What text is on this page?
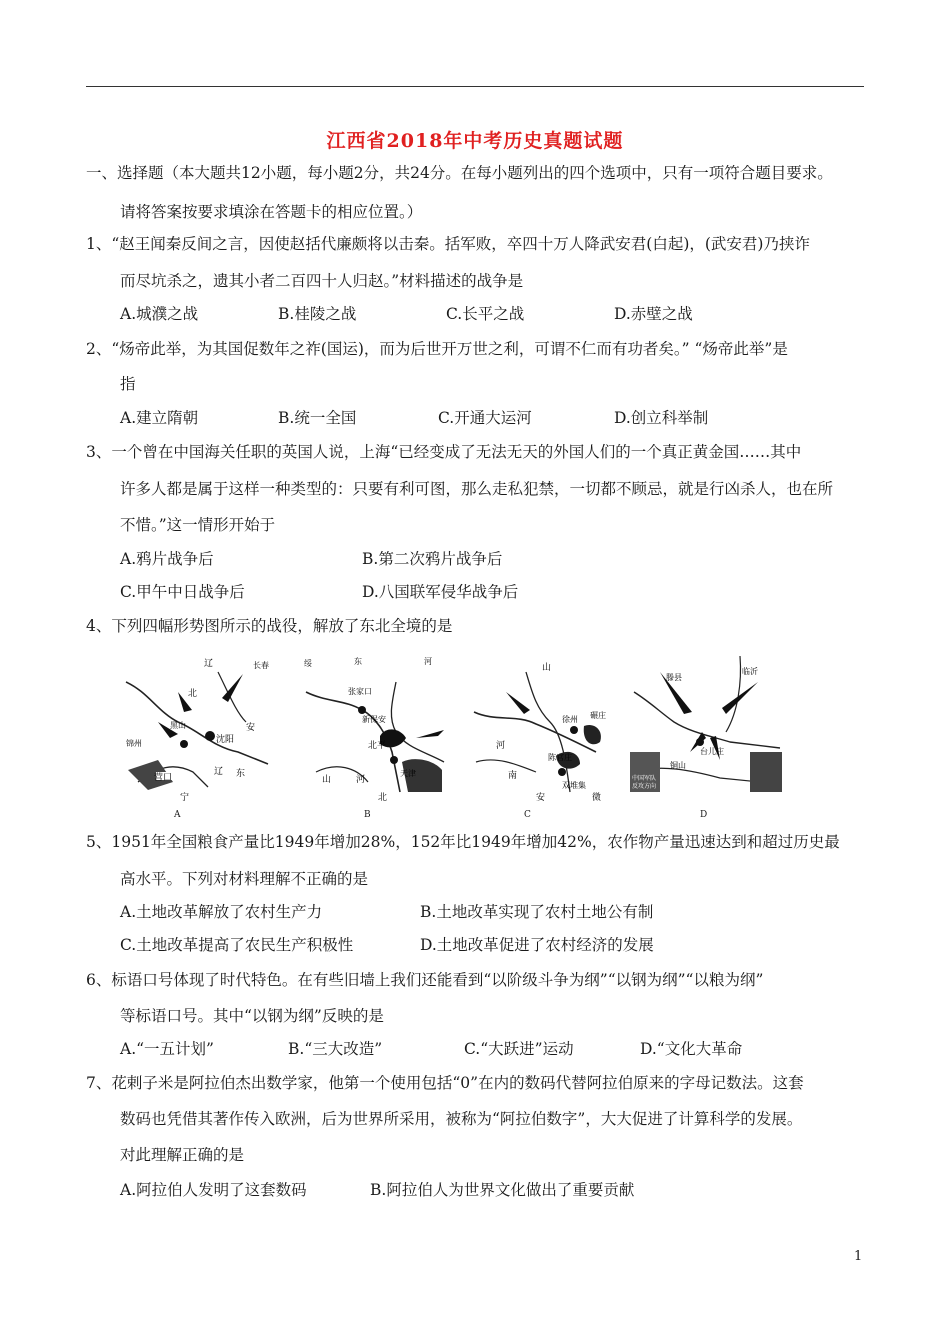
江西省2018年中考历史真题试题
一、选择题（本大题共12小题，每小题2分，共24分。在每小题列出的四个选项中，只有一项符合题目要求。
请将答案按要求填涂在答题卡的相应位置。）
1、“赵王闻秦反间之言，因使赵括代廉颇将以击秦。括军败，卒四十万人降武安君(白起)，(武安君)乃挟诈
而尽坑杀之，遗其小者二百四十人归赵。”材料描述的战争是
A.城濮之战	B.桂陵之战	C.长平之战	D.赤壁之战
2、“炀帝此举，为其国促数年之祚(国运)，而为后世开万世之利，可谓不仁而有功者矣。” “炀帝此举”是
指
A.建立隋朝	B.统一全国	C.开通大运河	D.创立科举制
3、一个曾在中国海关任职的英国人说，上海“已经变成了无法无天的外国人们的一个真正黄金国……其中
许多人都是属于这样一种类型的：只要有利可图，那么走私犯禁，一切都不顾忌，就是行凶杀人，也在所
不惜。”这一情形开始于
A.鸦片战争后	B.第二次鸦片战争后
C.甲午中日战争后	D.八国联军侵华战争后
4、下列四幅形势图所示的战役，解放了东北全境的是
辽
北
长春
黑山
锦州	沈阳
营口
安
辽 东
宁
A
绥	东	河
张家口
新保安
北平
山	河
天津
北
B
山
河
徐州 碾庄
南
陈官庄
双堆集
安	微
C
滕县
临沂
台儿庄
铜山
中国军队
反攻方向
D
5、1951年全国粮食产量比1949年增加28%，152年比1949年增加42%，农作物产量迅速达到和超过历史最
高水平。下列对材料理解不正确的是
A.土地改革解放了农村生产力	B.土地改革实现了农村土地公有制
C.土地改革提高了农民生产积极性	D.土地改革促进了农村经济的发展
6、标语口号体现了时代特色。在有些旧墙上我们还能看到“以阶级斗争为纲”“以钢为纲”“以粮为纲”
等标语口号。其中“以钢为纲”反映的是
A.“一五计划”	B.“三大改造”	C.“大跃进”运动	D.“文化大革命
7、花剌子米是阿拉伯杰出数学家，他第一个使用包括“0”在内的数码代替阿拉伯原来的字母记数法。这套
数码也凭借其著作传入欧洲，后为世界所采用，被称为“阿拉伯数字”，大大促进了计算科学的发展。
对此理解正确的是
A.阿拉伯人发明了这套数码	B.阿拉伯人为世界文化做出了重要贡献
1
